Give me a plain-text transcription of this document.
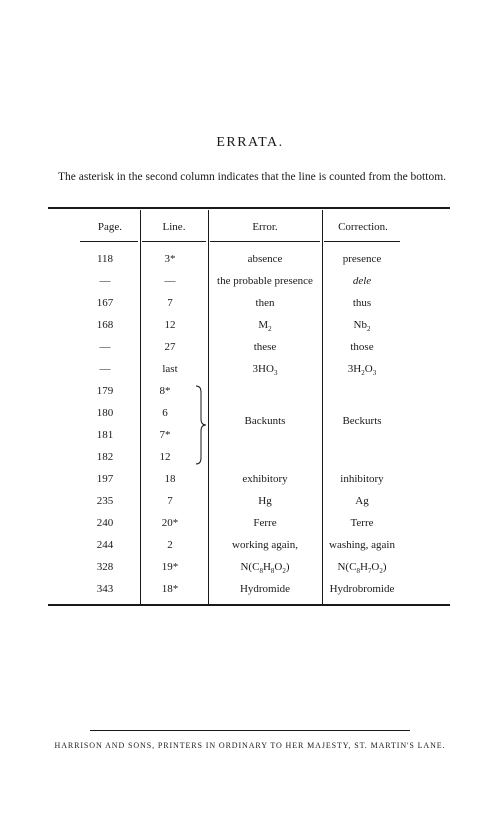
ERRATA.
The asterisk in the second column indicates that the line is counted from the bottom.
Page.	Line.	Error.	Correction.
118	3*	absence	presence
—	—	the probable presence	dele
167	7	then	thus
168	12	$M_2$	$Nb_2$
—	27	these	those
—	last	$3HO_3$	$3H_2O_3$
179	8*
180	6
181	7*
182	12
Backunts	Beckurts
197	18	exhibitory	inhibitory
235	7	Hg	Ag
240	20*	Ferre	Terre
244	2	working again,	washing, again
328	19*	$N(C_8H_8O_2)$	$N(C_8H_7O_2)$
343	18*	Hydromide	Hydrobromide
HARRISON AND SONS, PRINTERS IN ORDINARY TO HER MAJESTY, ST. MARTIN'S LANE.
